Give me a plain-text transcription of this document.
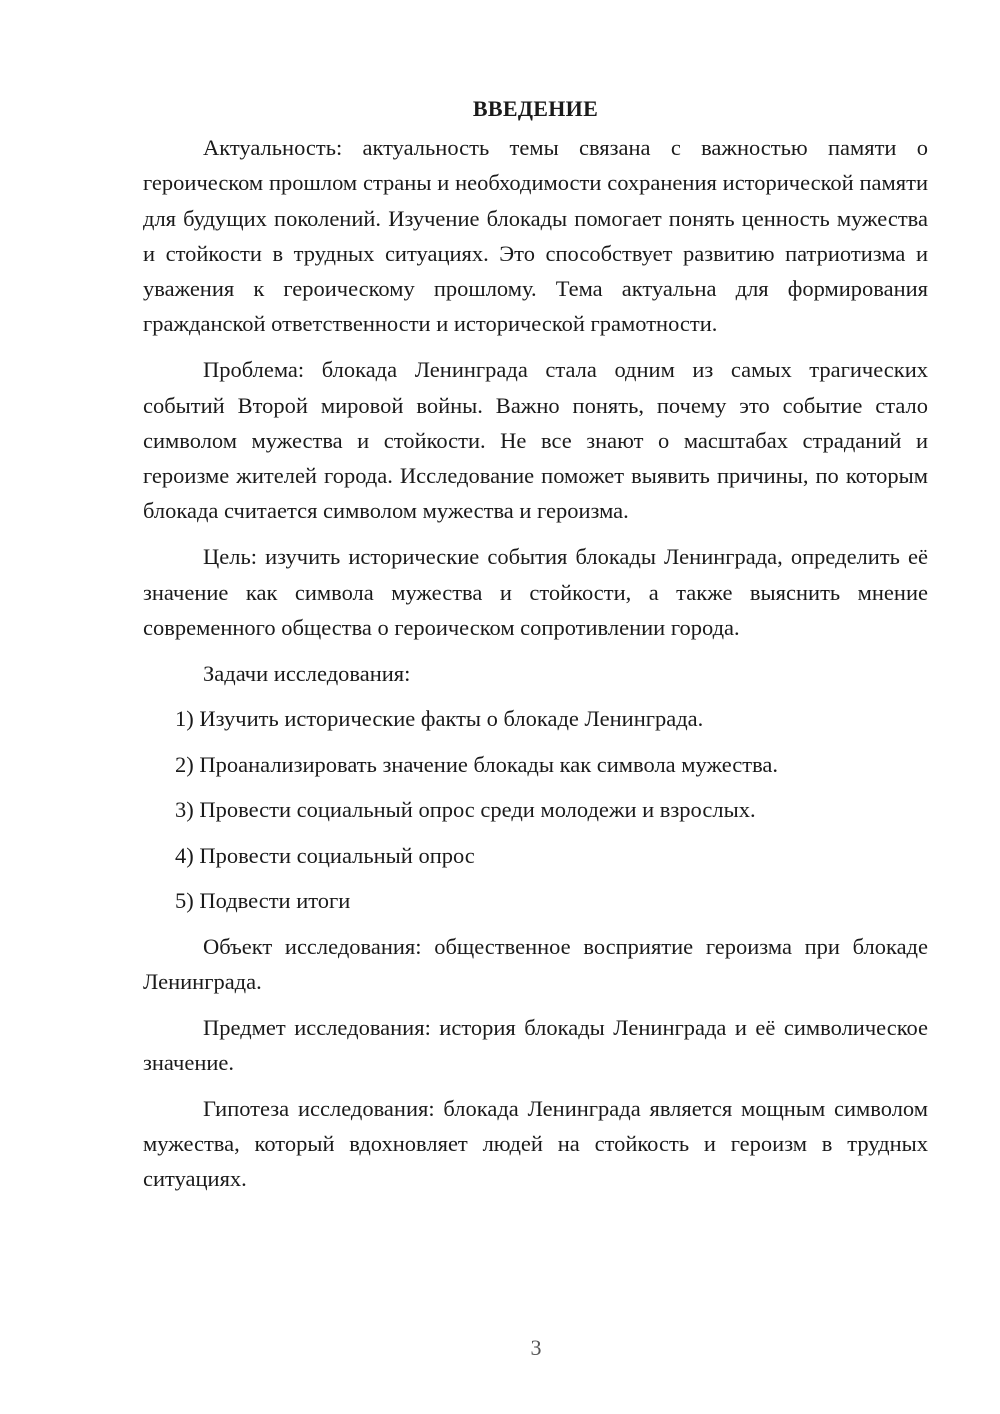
ВВЕДЕНИЕ

Актуальность: актуальность темы связана с важностью памяти о героическом прошлом страны и необходимости сохранения исторической памяти для будущих поколений. Изучение блокады помогает понять ценность мужества и стойкости в трудных ситуациях. Это способствует развитию патриотизма и уважения к героическому прошлому. Тема актуальна для формирования гражданской ответственности и исторической грамотности.

Проблема: блокада Ленинграда стала одним из самых трагических событий Второй мировой войны. Важно понять, почему это событие стало символом мужества и стойкости. Не все знают о масштабах страданий и героизме жителей города. Исследование поможет выявить причины, по которым блокада считается символом мужества и героизма.

Цель: изучить исторические события блокады Ленинграда, определить её значение как символа мужества и стойкости, а также выяснить мнение современного общества о героическом сопротивлении города.

Задачи исследования:

1) Изучить исторические факты о блокаде Ленинграда.
2) Проанализировать значение блокады как символа мужества.
3) Провести социальный опрос среди молодежи и взрослых.
4) Провести социальный опрос
5) Подвести итоги

Объект исследования: общественное восприятие героизма при блокаде Ленинграда.

Предмет исследования: история блокады Ленинграда и её символическое значение.

Гипотеза исследования: блокада Ленинграда является мощным символом мужества, который вдохновляет людей на стойкость и героизм в трудных ситуациях.

3
